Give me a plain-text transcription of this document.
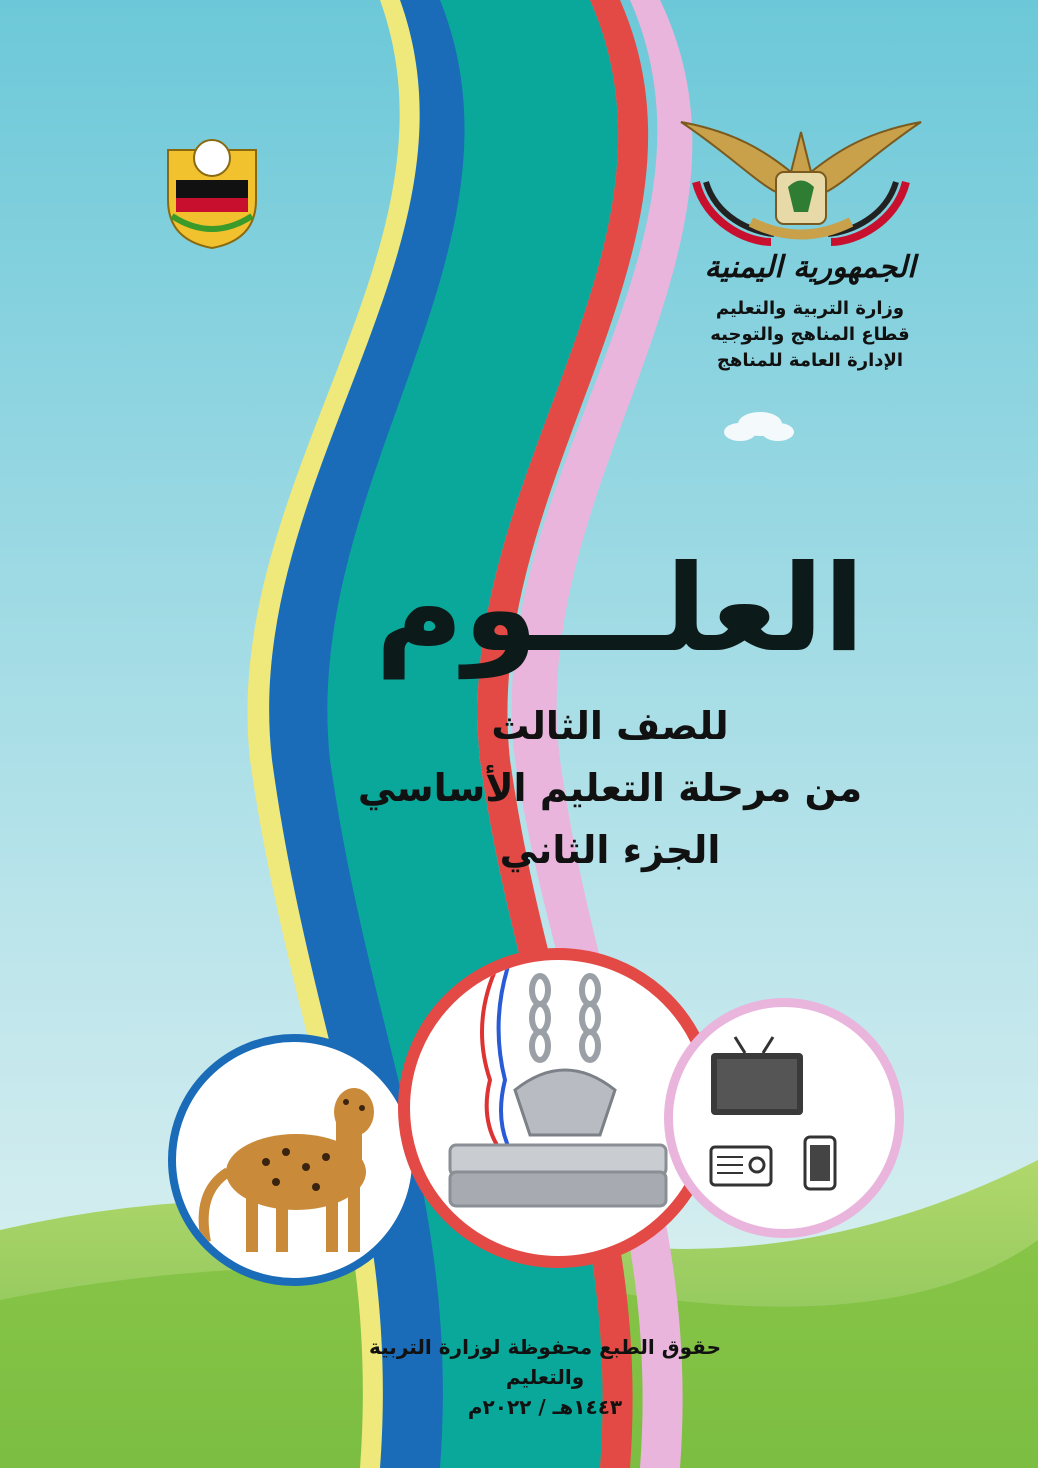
الجمهورية اليمنية
وزارة التربية والتعليم
قطاع المناهج والتوجيه
الإدارة العامة للمناهج
العلـــوم
للصف الثالث
من مرحلة التعليم الأساسي
الجزء الثاني
حقوق الطبع محفوظة لوزارة التربية والتعليم
١٤٤٣هـ / ٢٠٢٢م
